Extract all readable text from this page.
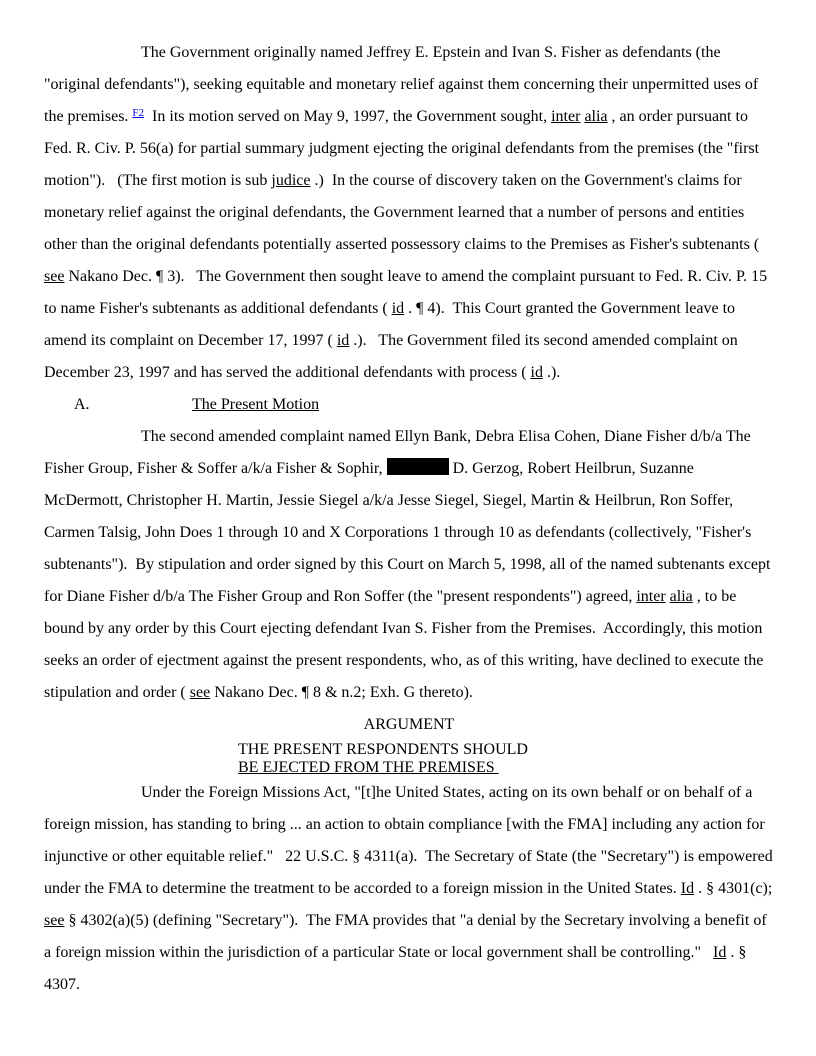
The Government originally named Jeffrey E. Epstein and Ivan S. Fisher as defendants (the "original defendants"), seeking equitable and monetary relief against them concerning their unpermitted uses of the premises. $^{F2}$  In its motion served on May 9, 1997, the Government sought, inter alia , an order pursuant to Fed. R. Civ. P. 56(a) for partial summary judgment ejecting the original defendants from the premises (the "first motion").   (The first motion is sub judice .)  In the course of discovery taken on the Government's claims for monetary relief against the original defendants, the Government learned that a number of persons and entities other than the original defendants potentially asserted possessory claims to the Premises as Fisher's subtenants ( see Nakano Dec. ¶ 3).   The Government then sought leave to amend the complaint pursuant to Fed. R. Civ. P. 15 to name Fisher's subtenants as additional defendants ( id . ¶ 4).  This Court granted the Government leave to amend its complaint on December 17, 1997 ( id .).   The Government filed its second amended complaint on December 23, 1997 and has served the additional defendants with process ( id .).

A.	The Present Motion

The second amended complaint named Ellyn Bank, Debra Elisa Cohen, Diane Fisher d/b/a The Fisher Group, Fisher & Soffer a/k/a Fisher & Sophir,	D. Gerzog, Robert Heilbrun, Suzanne McDermott, Christopher H. Martin, Jessie Siegel a/k/a Jesse Siegel, Siegel, Martin & Heilbrun, Ron Soffer, Carmen Talsig, John Does 1 through 10 and X Corporations 1 through 10 as defendants (collectively, "Fisher's subtenants").  By stipulation and order signed by this Court on March 5, 1998, all of the named subtenants except for Diane Fisher d/b/a The Fisher Group and Ron Soffer (the "present respondents") agreed, inter alia , to be bound by any order by this Court ejecting defendant Ivan S. Fisher from the Premises.  Accordingly, this motion seeks an order of ejectment against the present respondents, who, as of this writing, have declined to execute the stipulation and order ( see Nakano Dec. ¶ 8 & n.2; Exh. G thereto).

ARGUMENT
THE PRESENT RESPONDENTS SHOULD
BE EJECTED FROM THE PREMISES

Under the Foreign Missions Act, "[t]he United States, acting on its own behalf or on behalf of a foreign mission, has standing to bring ... an action to obtain compliance [with the FMA] including any action for injunctive or other equitable relief."   22 U.S.C. § 4311(a).  The Secretary of State (the "Secretary") is empowered under the FMA to determine the treatment to be accorded to a foreign mission in the United States. Id . § 4301(c); see § 4302(a)(5) (defining "Secretary").  The FMA provides that "a denial by the Secretary involving a benefit of a foreign mission within the jurisdiction of a particular State or local government shall be controlling."   Id . § 4307.
